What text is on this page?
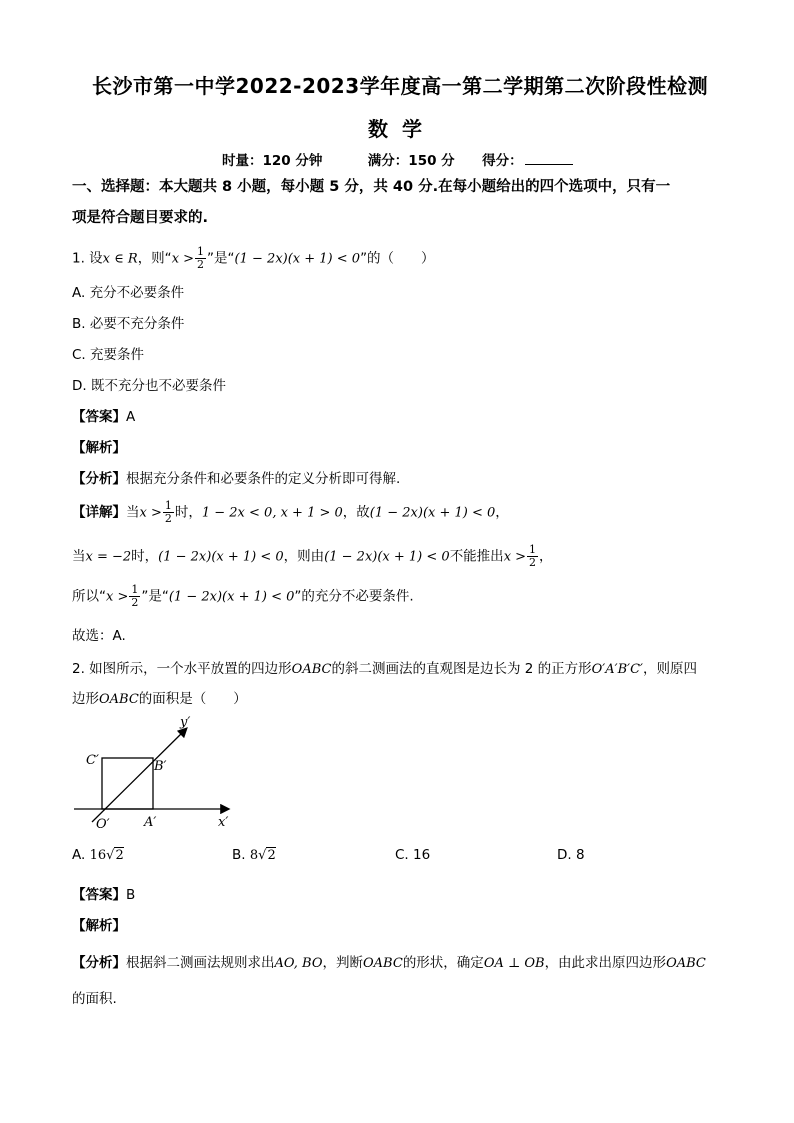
长沙市第一中学2022-2023学年度高一第二学期第二次阶段性检测
数学
时量：120 分钟	满分：150 分 得分：
一、选择题：本大题共 8 小题，每小题 5 分，共 40 分.在每小题给出的四个选项中，只有一
项是符合题目要求的.
1. 设x ∈ R，则“$x > \frac{1}{2}$ ”是“(1 − 2x)(x + 1) < 0”的（　　）
A. 充分不必要条件
B. 必要不充分条件
C. 充要条件
D. 既不充分也不必要条件
【答案】A
【解析】
【分析】根据充分条件和必要条件的定义分析即可得解.
【详解】当$x > \frac{1}{2}$ 时，1 − 2x < 0, x + 1 > 0，故(1 − 2x)(x + 1) < 0，
当x = −2时，(1 − 2x)(x + 1) < 0，则由(1 − 2x)(x + 1) < 0不能推出$x > \frac{1}{2}$ ，
所以“$x > \frac{1}{2}$ ”是“(1 − 2x)(x + 1) < 0”的充分不必要条件.
故选：A.
2. 如图所示，一个水平放置的四边形OABC的斜二测画法的直观图是边长为 2 的正方形O′A′B′C′，则原四
边形OABC的面积是（　　）
y′
x′
C′	B′
O′	A′
A. 16√2	B. 8√2	C. 16	D. 8
【答案】B
【解析】
【分析】根据斜二测画法规则求出AO, BO，判断OABC的形状，确定OA ⊥ OB，由此求出原四边形OABC
的面积.
